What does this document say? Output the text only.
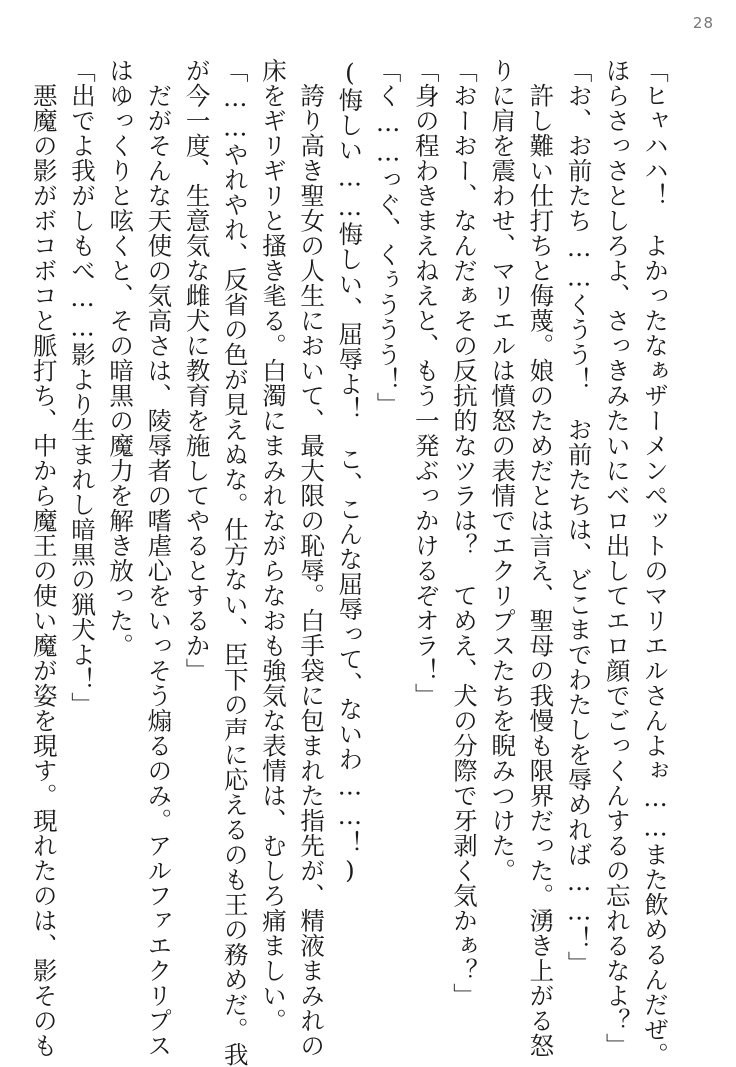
28
「ヒャハハ！　よかったなぁザーメンペットのマリエルさんよぉ……また飲めるんだぜ。
ほらさっさとしろよ、さっきみたいにベロ出してエロ顔でごっくんするの忘れるなよ？」
「お、お前たち……くうう！　お前たちは、どこまでわたしを辱めれば……！」
　許し難い仕打ちと侮蔑。娘のためだとは言え、聖母の我慢も限界だった。湧き上がる怒
りに肩を震わせ、マリエルは憤怒の表情でエクリプスたちを睨みつけた。
「おーおー、なんだぁその反抗的なツラは？　てめえ、犬の分際で牙剥く気かぁ？」
「身の程わきまえねえと、もう一発ぶっかけるぞオラ！」
「く……っぐ、くぅううう！」
(悔しい……悔しい、屈辱よ！　こ、こんな屈辱って、ないわ……！)
　誇り高き聖女の人生において、最大限の恥辱。白手袋に包まれた指先が、精液まみれの
床をギリギリと搔き毟る。白濁にまみれながらなおも強気な表情は、むしろ痛ましい。
「……やれやれ、反省の色が見えぬな。仕方ない、臣下の声に応えるのも王の務めだ。我
が今一度、生意気な雌犬に教育を施してやるとするか」
　だがそんな天使の気高さは、陵辱者の嗜虐心をいっそう煽るのみ。アルファエクリプス
はゆっくりと呟くと、その暗黒の魔力を解き放った。
「出でよ我がしもべ……影より生まれし暗黒の猟犬よ！」
　悪魔の影がボコボコと脈打ち、中から魔王の使い魔が姿を現す。現れたのは、影そのも
